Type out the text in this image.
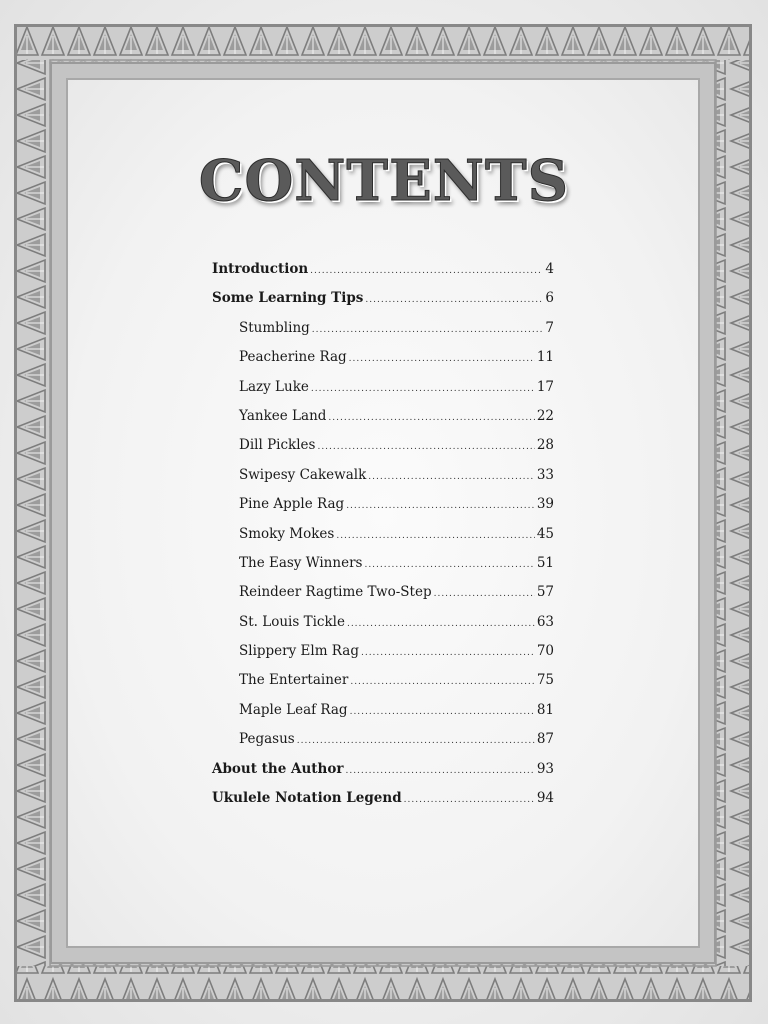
CONTENTS
Introduction .....	4
Some Learning Tips .....	6
Stumbling .....	7
Peacherine Rag .....	11
Lazy Luke .....	17
Yankee Land .....	22
Dill Pickles .....	28
Swipesy Cakewalk .....	33
Pine Apple Rag .....	39
Smoky Mokes .....	45
The Easy Winners .....	51
Reindeer Ragtime Two-Step .....	57
St. Louis Tickle .....	63
Slippery Elm Rag .....	70
The Entertainer .....	75
Maple Leaf Rag .....	81
Pegasus .....	87
About the Author .....	93
Ukulele Notation Legend .....	94
